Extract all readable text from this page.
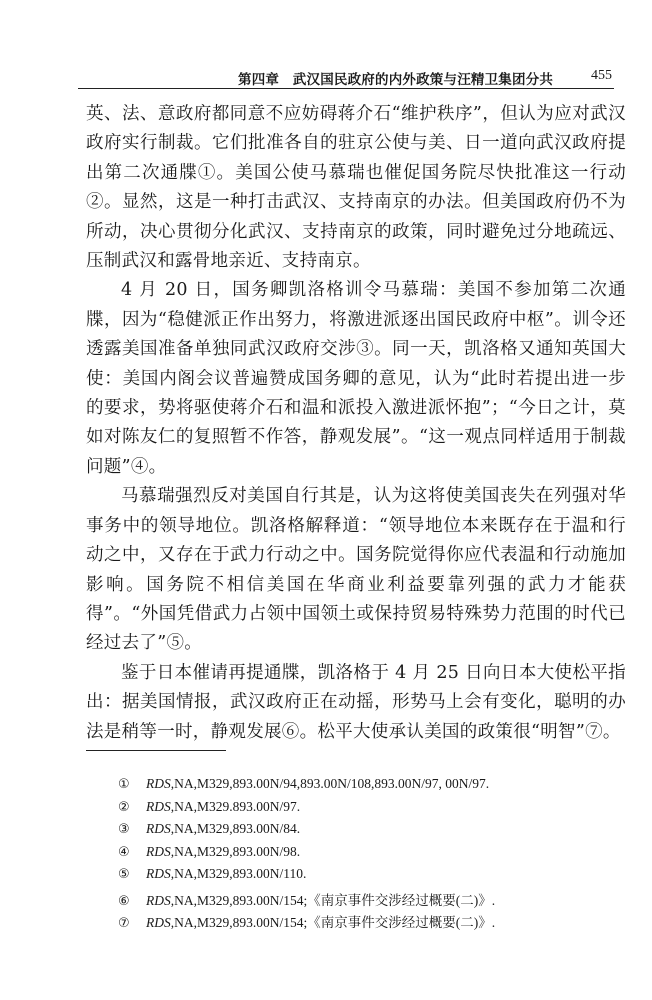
第四章　武汉国民政府的内外政策与汪精卫集团分共	455

英、法、意政府都同意不应妨碍蒋介石“维护秩序”，但认为应对武汉政府实行制裁。它们批准各自的驻京公使与美、日一道向武汉政府提出第二次通牒①。美国公使马慕瑞也催促国务院尽快批准这一行动②。显然，这是一种打击武汉、支持南京的办法。但美国政府仍不为所动，决心贯彻分化武汉、支持南京的政策，同时避免过分地疏远、压制武汉和露骨地亲近、支持南京。

4 月 20 日，国务卿凯洛格训令马慕瑞：美国不参加第二次通牒，因为“稳健派正作出努力，将激进派逐出国民政府中枢”。训令还透露美国准备单独同武汉政府交涉③。同一天，凯洛格又通知英国大使：美国内阁会议普遍赞成国务卿的意见，认为“此时若提出进一步的要求，势将驱使蒋介石和温和派投入激进派怀抱”；“今日之计，莫如对陈友仁的复照暂不作答，静观发展”。“这一观点同样适用于制裁问题”④。

马慕瑞强烈反对美国自行其是，认为这将使美国丧失在列强对华事务中的领导地位。凯洛格解释道：“领导地位本来既存在于温和行动之中，又存在于武力行动之中。国务院觉得你应代表温和行动施加影响。国务院不相信美国在华商业利益要靠列强的武力才能获得”。“外国凭借武力占领中国领土或保持贸易特殊势力范围的时代已经过去了”⑤。

鉴于日本催请再提通牒，凯洛格于 4 月 25 日向日本大使松平指出：据美国情报，武汉政府正在动摇，形势马上会有变化，聪明的办法是稍等一时，静观发展⑥。松平大使承认美国的政策很“明智”⑦。

① RDS,NA,M329,893.00N/94,893.00N/108,893.00N/97, 00N/97.
② RDS,NA,M329.893.00N/97.
③ RDS,NA,M329,893.00N/84.
④ RDS,NA,M329,893.00N/98.
⑤ RDS,NA,M329,893.00N/110.
⑥ RDS,NA,M329,893.00N/154;《南京事件交涉经过概要(二)》.
⑦ RDS,NA,M329,893.00N/154;《南京事件交涉经过概要(二)》.
